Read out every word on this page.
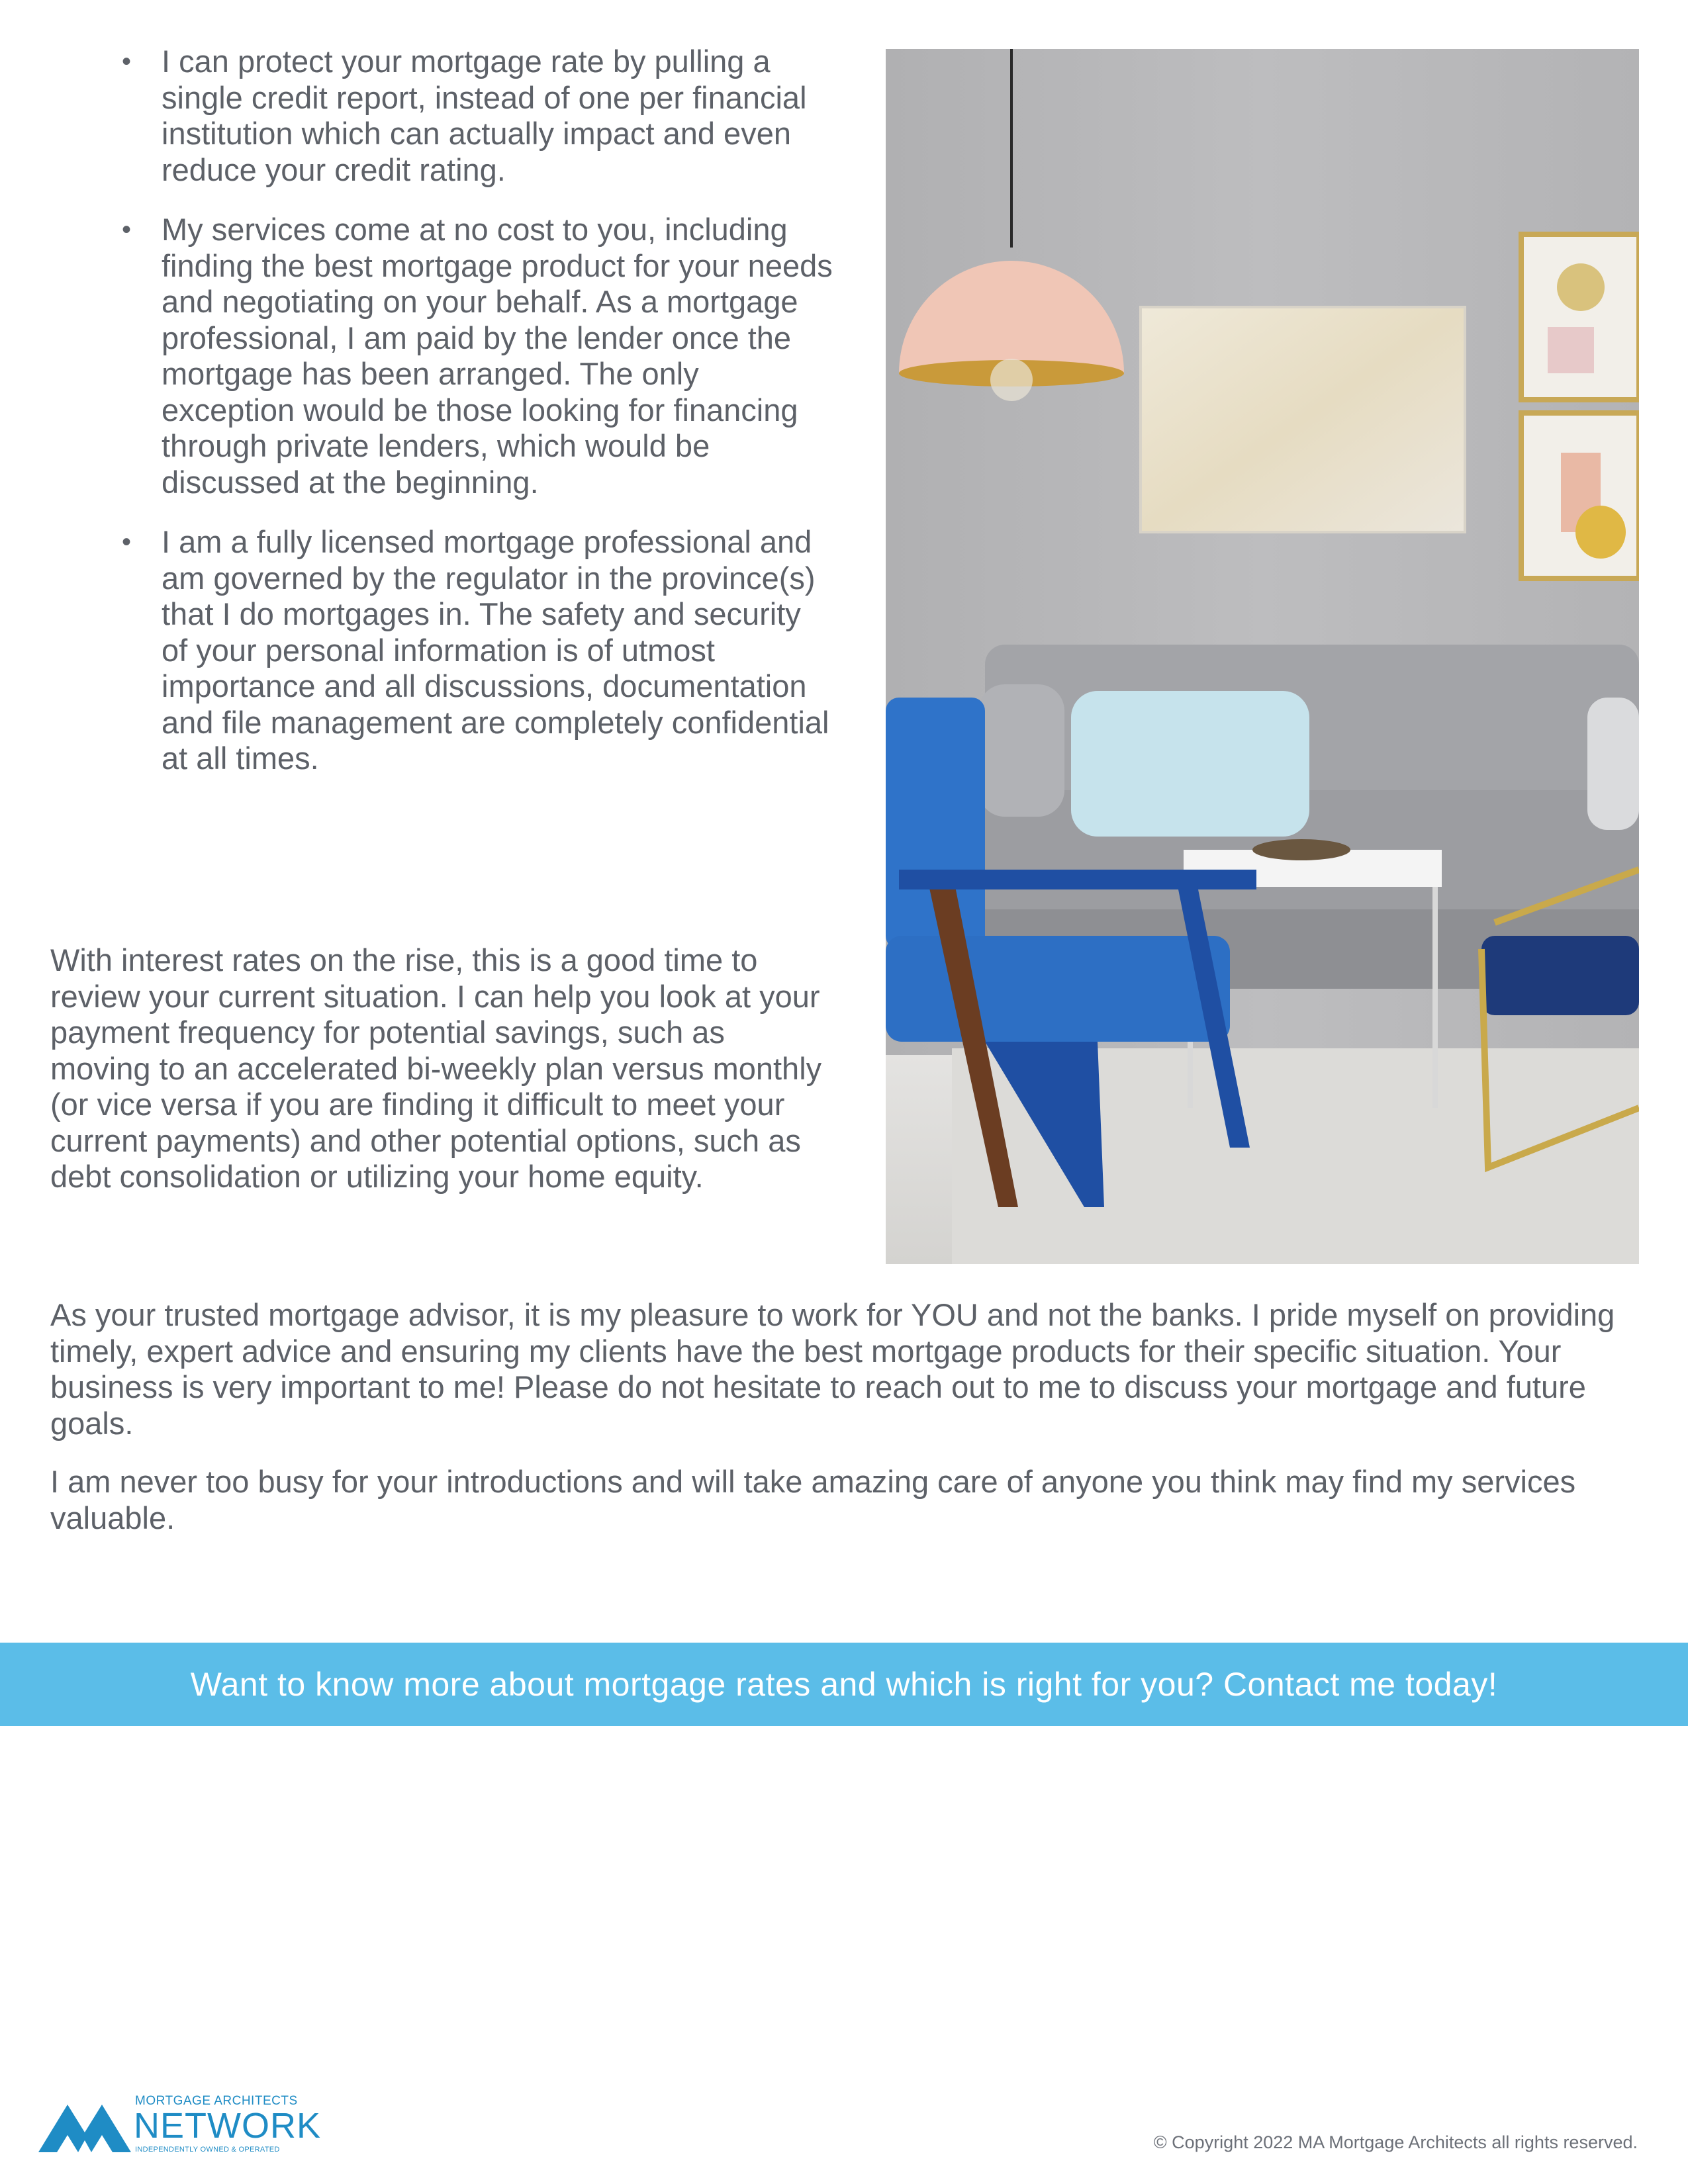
• I can protect your mortgage rate by pulling a single credit report, instead of one per financial institution which can actually impact and even reduce your credit rating.
• My services come at no cost to you, including finding the best mortgage product for your needs and negotiating on your behalf. As a mortgage professional, I am paid by the lender once the mortgage has been arranged. The only exception would be those looking for financing through private lenders, which would be discussed at the beginning.
• I am a fully licensed mortgage professional and am governed by the regulator in the province(s) that I do mortgages in. The safety and security of your personal information is of utmost importance and all discussions, documentation and file management are completely confidential at all times.

With interest rates on the rise, this is a good time to review your current situation. I can help you look at your payment frequency for potential savings, such as moving to an accelerated bi-weekly plan versus monthly (or vice versa if you are finding it difficult to meet your current payments) and other potential options, such as debt consolidation or utilizing your home equity.

As your trusted mortgage advisor, it is my pleasure to work for YOU and not the banks. I pride myself on providing timely, expert advice and ensuring my clients have the best mortgage products for their specific situation. Your business is very important to me! Please do not hesitate to reach out to me to discuss your mortgage and future goals.

I am never too busy for your introductions and will take amazing care of anyone you think may find my services valuable.

Want to know more about mortgage rates and which is right for you? Contact me today!
MORTGAGE ARCHITECTS
NETWORK
INDEPENDENTLY OWNED & OPERATED	© Copyright 2022 MA Mortgage Architects all rights reserved.
